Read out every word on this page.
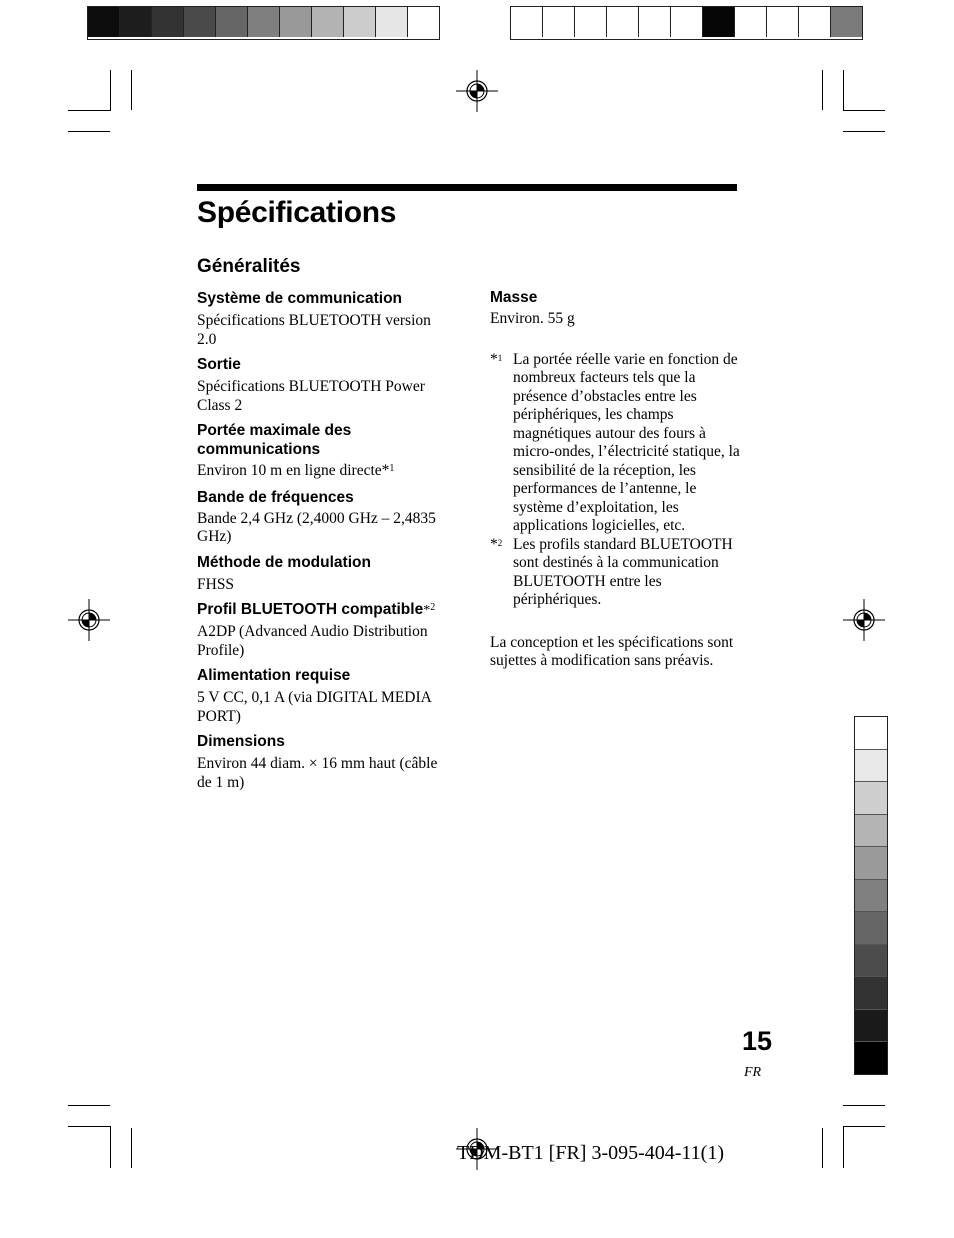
Spécifications
Généralités
Système de communication
Spécifications BLUETOOTH version 2.0
Sortie
Spécifications BLUETOOTH Power Class 2
Portée maximale des communications
Environ 10 m en ligne directe*$^1$
Bande de fréquences
Bande 2,4 GHz (2,4000 GHz – 2,4835 GHz)
Méthode de modulation
FHSS
Profil BLUETOOTH compatible*$^2$
A2DP (Advanced Audio Distribution Profile)
Alimentation requise
5 V CC, 0,1 A (via DIGITAL MEDIA PORT)
Dimensions
Environ 44 diam. × 16 mm haut (câble de 1 m)
Masse
Environ. 55 g
*$^1$ La portée réelle varie en fonction de nombreux facteurs tels que la présence d’obstacles entre les périphériques, les champs magnétiques autour des fours à micro-ondes, l’électricité statique, la sensibilité de la réception, les performances de l’antenne, le système d’exploitation, les applications logicielles, etc.
*$^2$ Les profils standard BLUETOOTH sont destinés à la communication BLUETOOTH entre les périphériques.
La conception et les spécifications sont sujettes à modification sans préavis.
15
FR
TDM-BT1 [FR] 3-095-404-11(1)
